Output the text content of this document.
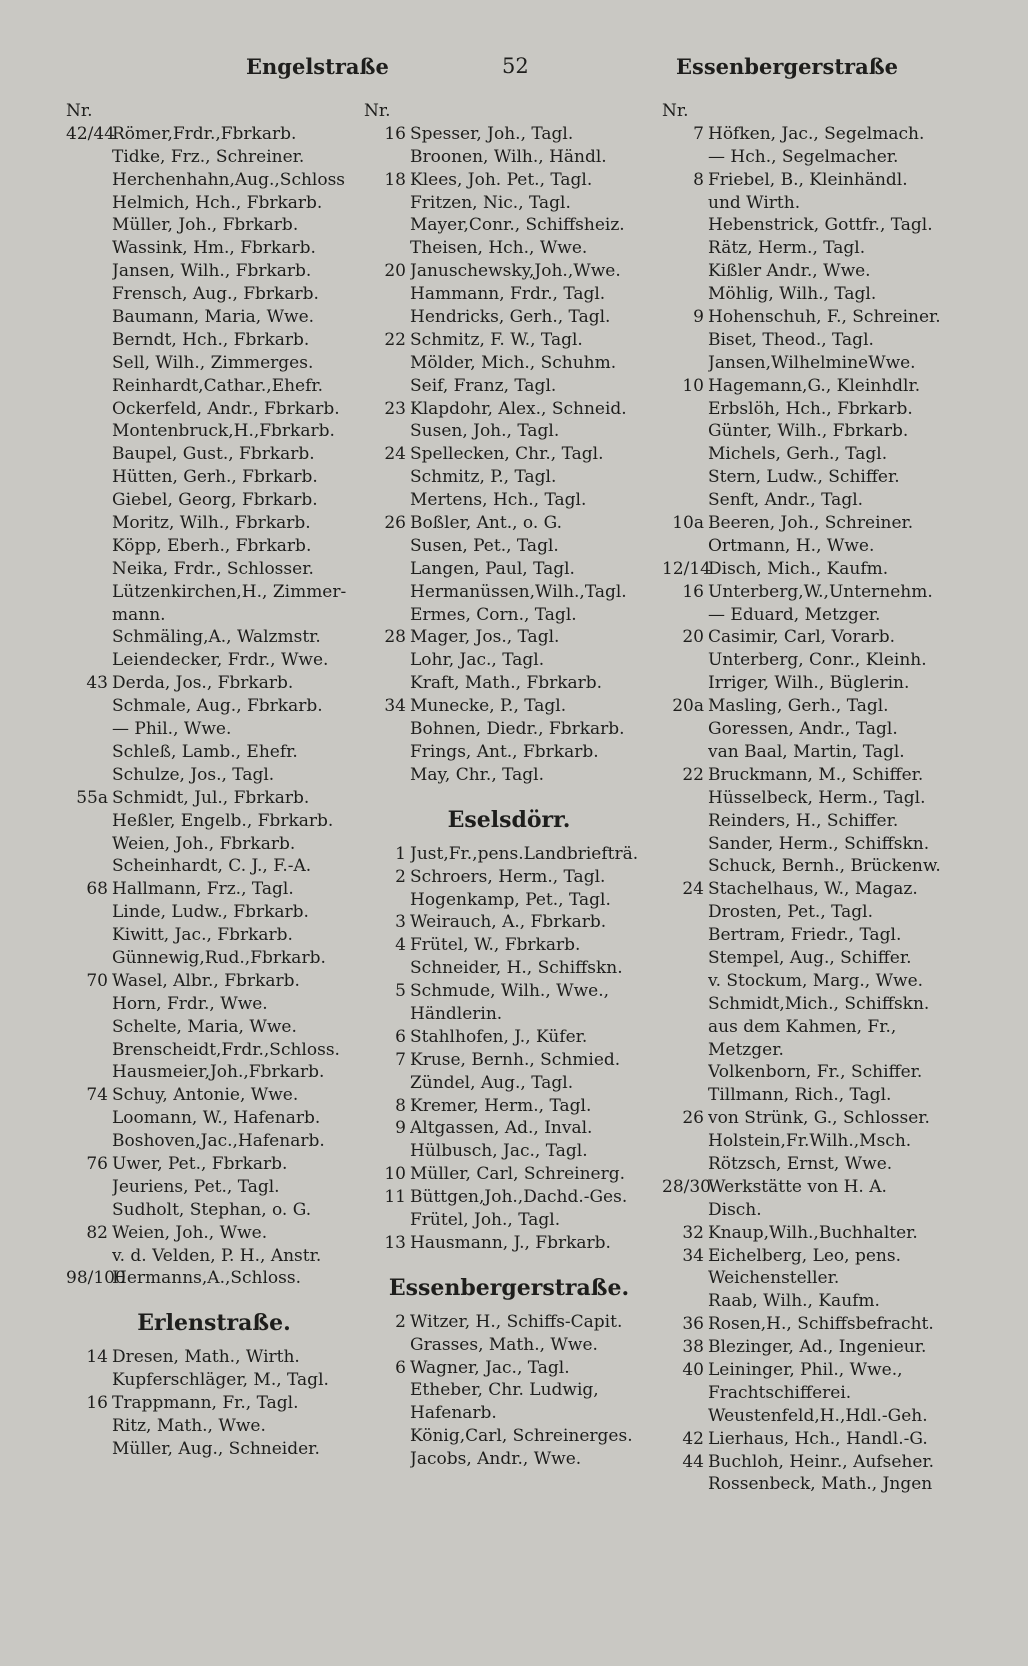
Engelstraße	52	Essenbergerstraße
Nr.
42/44
Römer,Frdr.,Fbrkarb.
Tidke, Frz., Schreiner.
Herchenhahn,Aug.,Schloss
Helmich, Hch., Fbrkarb.
Müller, Joh., Fbrkarb.
Wassink, Hm., Fbrkarb.
Jansen, Wilh., Fbrkarb.
Frensch, Aug., Fbrkarb.
Baumann, Maria, Wwe.
Berndt, Hch., Fbrkarb.
Sell, Wilh., Zimmerges.
Reinhardt,Cathar.,Ehefr.
Ockerfeld, Andr., Fbrkarb.
Montenbruck,H.,Fbrkarb.
Baupel, Gust., Fbrkarb.
Hütten, Gerh., Fbrkarb.
Giebel, Georg, Fbrkarb.
Moritz, Wilh., Fbrkarb.
Köpp, Eberh., Fbrkarb.
Neika, Frdr., Schlosser.
Lützenkirchen,H., Zimmer-
mann.
Schmäling,A., Walzmstr.
Leiendecker, Frdr., Wwe.
43 Derda, Jos., Fbrkarb.
Schmale, Aug., Fbrkarb.
— Phil., Wwe.
Schleß, Lamb., Ehefr.
Schulze, Jos., Tagl.
55a Schmidt, Jul., Fbrkarb.
Heßler, Engelb., Fbrkarb.
Weien, Joh., Fbrkarb.
Scheinhardt, C. J., F.-A.
68 Hallmann, Frz., Tagl.
Linde, Ludw., Fbrkarb.
Kiwitt, Jac., Fbrkarb.
Günnewig,Rud.,Fbrkarb.
70 Wasel, Albr., Fbrkarb.
Horn, Frdr., Wwe.
Schelte, Maria, Wwe.
Brenscheidt,Frdr.,Schloss.
Hausmeier,Joh.,Fbrkarb.
74 Schuy, Antonie, Wwe.
Loomann, W., Hafenarb.
Boshoven,Jac.,Hafenarb.
76 Uwer, Pet., Fbrkarb.
Jeuriens, Pet., Tagl.
Sudholt, Stephan, o. G.
82 Weien, Joh., Wwe.
v. d. Velden, P. H., Anstr.
98/100
Hermanns,A.,Schloss.
Erlenstraße.
14 Dresen, Math., Wirth.
Kupferschläger, M., Tagl.
16 Trappmann, Fr., Tagl.
Ritz, Math., Wwe.
Müller, Aug., Schneider.
Nr.
16 Spesser, Joh., Tagl.
Broonen, Wilh., Händl.
18 Klees, Joh. Pet., Tagl.
Fritzen, Nic., Tagl.
Mayer,Conr., Schiffsheiz.
Theisen, Hch., Wwe.
20 Januschewsky,Joh.,Wwe.
Hammann, Frdr., Tagl.
Hendricks, Gerh., Tagl.
22 Schmitz, F. W., Tagl.
Mölder, Mich., Schuhm.
Seif, Franz, Tagl.
23 Klapdohr, Alex., Schneid.
Susen, Joh., Tagl.
24 Spellecken, Chr., Tagl.
Schmitz, P., Tagl.
Mertens, Hch., Tagl.
26 Boßler, Ant., o. G.
Susen, Pet., Tagl.
Langen, Paul, Tagl.
Hermanüssen,Wilh.,Tagl.
Ermes, Corn., Tagl.
28 Mager, Jos., Tagl.
Lohr, Jac., Tagl.
Kraft, Math., Fbrkarb.
34 Munecke, P., Tagl.
Bohnen, Diedr., Fbrkarb.
Frings, Ant., Fbrkarb.
May, Chr., Tagl.
Eselsdörr.
1 Just,Fr.,pens.Landbriefträ.
2 Schroers, Herm., Tagl.
Hogenkamp, Pet., Tagl.
3 Weirauch, A., Fbrkarb.
4 Frütel, W., Fbrkarb.
Schneider, H., Schiffskn.
5 Schmude, Wilh., Wwe.,
Händlerin.
6 Stahlhofen, J., Küfer.
7 Kruse, Bernh., Schmied.
Zündel, Aug., Tagl.
8 Kremer, Herm., Tagl.
9 Altgassen, Ad., Inval.
Hülbusch, Jac., Tagl.
10 Müller, Carl, Schreinerg.
11 Büttgen,Joh.,Dachd.-Ges.
Frütel, Joh., Tagl.
13 Hausmann, J., Fbrkarb.
Essenbergerstraße.
2 Witzer, H., Schiffs-Capit.
Grasses, Math., Wwe.
6 Wagner, Jac., Tagl.
Etheber, Chr. Ludwig,
Hafenarb.
König,Carl, Schreinerges.
Jacobs, Andr., Wwe.
Nr.
7 Höfken, Jac., Segelmach.
— Hch., Segelmacher.
8 Friebel, B., Kleinhändl.
und Wirth.
Hebenstrick, Gottfr., Tagl.
Rätz, Herm., Tagl.
Kißler Andr., Wwe.
Möhlig, Wilh., Tagl.
9 Hohenschuh, F., Schreiner.
Biset, Theod., Tagl.
Jansen,WilhelmineWwe.
10 Hagemann,G., Kleinhdlr.
Erbslöh, Hch., Fbrkarb.
Günter, Wilh., Fbrkarb.
Michels, Gerh., Tagl.
Stern, Ludw., Schiffer.
Senft, Andr., Tagl.
10a Beeren, Joh., Schreiner.
Ortmann, H., Wwe.
12/14
Disch, Mich., Kaufm.
16 Unterberg,W.,Unternehm.
— Eduard, Metzger.
20 Casimir, Carl, Vorarb.
Unterberg, Conr., Kleinh.
Irriger, Wilh., Büglerin.
20a Masling, Gerh., Tagl.
Goressen, Andr., Tagl.
van Baal, Martin, Tagl.
22 Bruckmann, M., Schiffer.
Hüsselbeck, Herm., Tagl.
Reinders, H., Schiffer.
Sander, Herm., Schiffskn.
Schuck, Bernh., Brückenw.
24 Stachelhaus, W., Magaz.
Drosten, Pet., Tagl.
Bertram, Friedr., Tagl.
Stempel, Aug., Schiffer.
v. Stockum, Marg., Wwe.
Schmidt,Mich., Schiffskn.
aus dem Kahmen, Fr.,
Metzger.
Volkenborn, Fr., Schiffer.
Tillmann, Rich., Tagl.
26 von Strünk, G., Schlosser.
Holstein,Fr.Wilh.,Msch.
Rötzsch, Ernst, Wwe.
28/30
Werkstätte von H. A.
Disch.
32 Knaup,Wilh.,Buchhalter.
34 Eichelberg, Leo, pens.
Weichensteller.
Raab, Wilh., Kaufm.
36 Rosen,H., Schiffsbefracht.
38 Blezinger, Ad., Ingenieur.
40 Leininger, Phil., Wwe.,
Frachtschifferei.
Weustenfeld,H.,Hdl.-Geh.
42 Lierhaus, Hch., Handl.-G.
44 Buchloh, Heinr., Aufseher.
Rossenbeck, Math., Jngen
